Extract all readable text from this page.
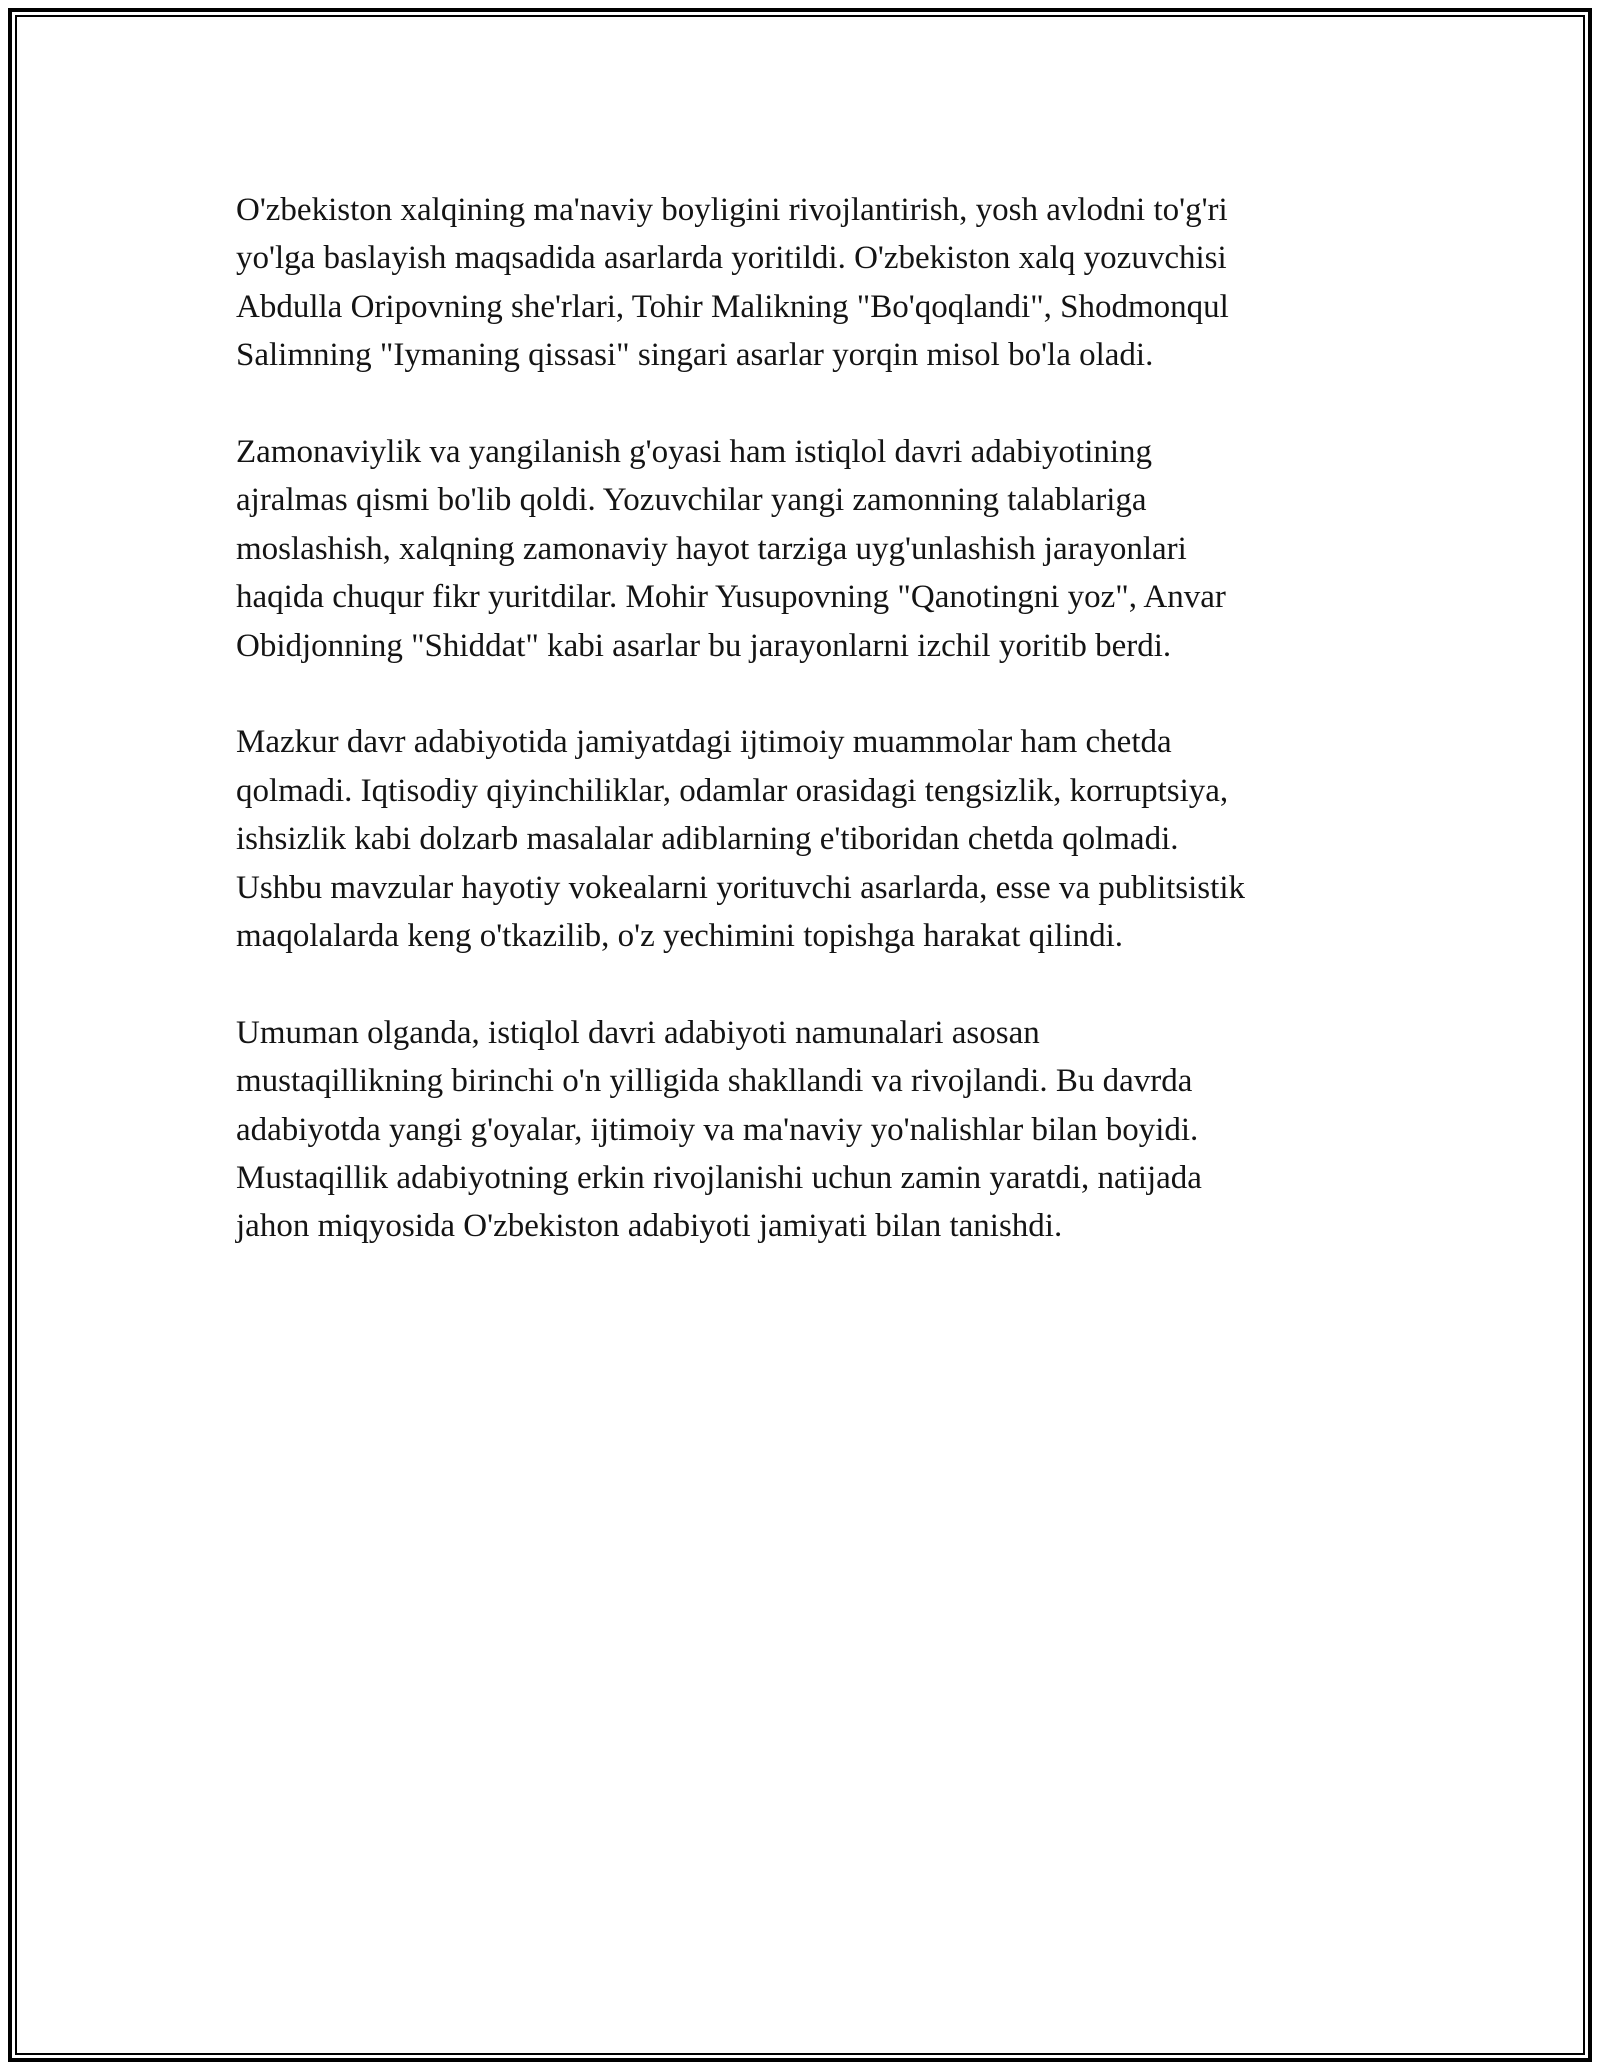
O'zbekiston xalqining ma'naviy boyligini rivojlantirish, yosh avlodni to'g'ri
yo'lga baslayish maqsadida asarlarda yoritildi. O'zbekiston xalq yozuvchisi
Abdulla Oripovning she'rlari, Tohir Malikning "Bo'qoqlandi", Shodmonqul
Salimning "Iymaning qissasi" singari asarlar yorqin misol bo'la oladi.

Zamonaviylik va yangilanish g'oyasi ham istiqlol davri adabiyotining
ajralmas qismi bo'lib qoldi. Yozuvchilar yangi zamonning talablariga
moslashish, xalqning zamonaviy hayot tarziga uyg'unlashish jarayonlari
haqida chuqur fikr yuritdilar. Mohir Yusupovning "Qanotingni yoz", Anvar
Obidjonning "Shiddat" kabi asarlar bu jarayonlarni izchil yoritib berdi.

Mazkur davr adabiyotida jamiyatdagi ijtimoiy muammolar ham chetda
qolmadi. Iqtisodiy qiyinchiliklar, odamlar orasidagi tengsizlik, korruptsiya,
ishsizlik kabi dolzarb masalalar adiblarning e'tiboridan chetda qolmadi.
Ushbu mavzular hayotiy vokealarni yorituvchi asarlarda, esse va publitsistik
maqolalarda keng o'tkazilib, o'z yechimini topishga harakat qilindi.

Umuman olganda, istiqlol davri adabiyoti namunalari asosan
mustaqillikning birinchi o'n yilligida shakllandi va rivojlandi. Bu davrda
adabiyotda yangi g'oyalar, ijtimoiy va ma'naviy yo'nalishlar bilan boyidi.
Mustaqillik adabiyotning erkin rivojlanishi uchun zamin yaratdi, natijada
jahon miqyosida O'zbekiston adabiyoti jamiyati bilan tanishdi.
